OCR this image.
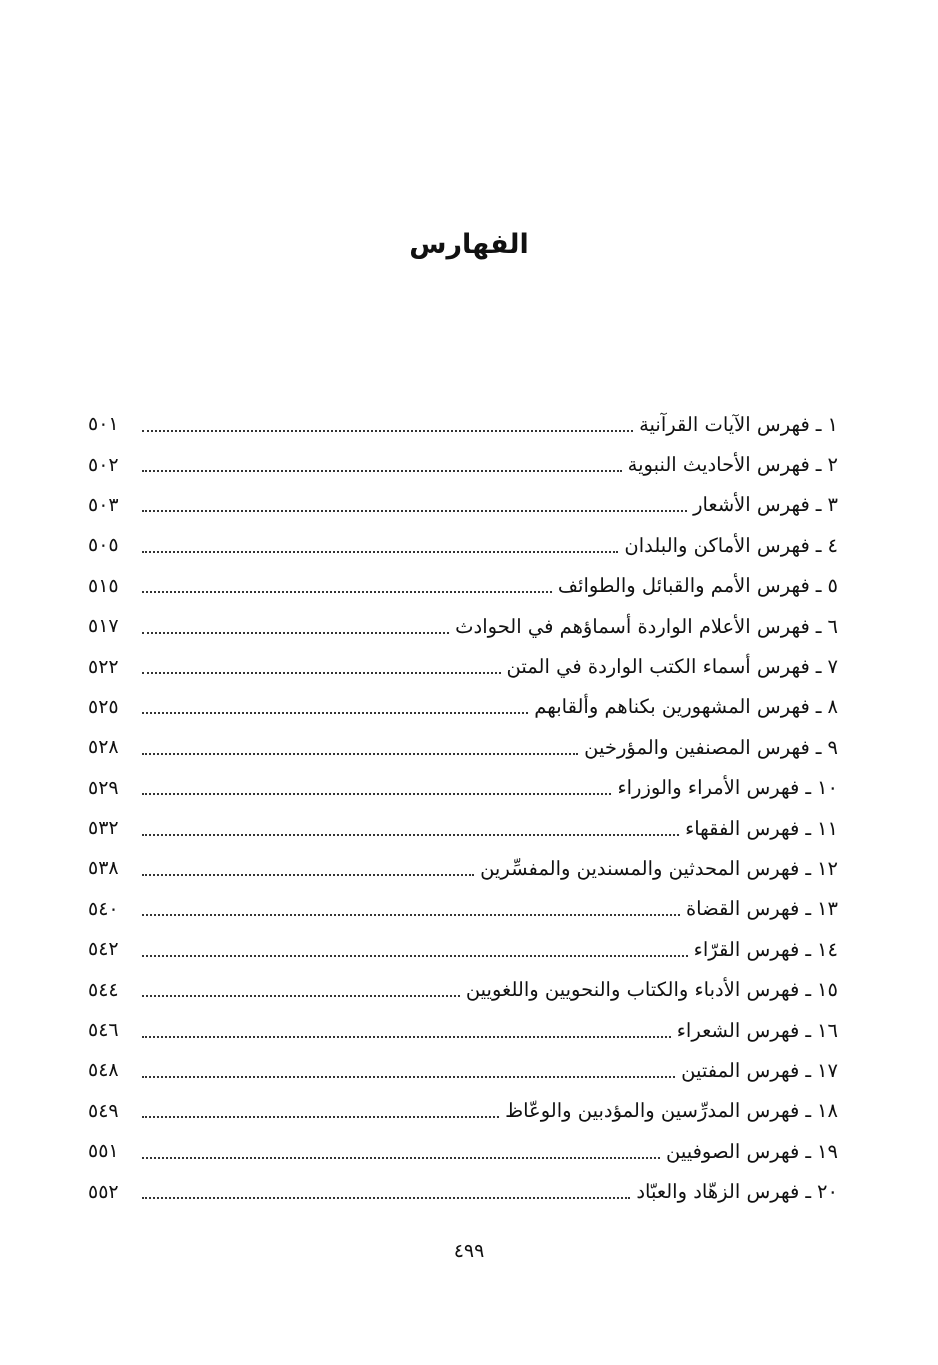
الفهارس
٥٠١	١ـفهرس الآيات القرآنية
٥٠٢	٢ـفهرس الأحاديث النبوية
٥٠٣	٣ـفهرس الأشعار
٥٠٥	٤ـفهرس الأماكن والبلدان
٥١٥	٥ـفهرس الأمم والقبائل والطوائف
٥١٧	٦ـفهرس الأعلام الواردة أسماؤهم في الحوادث
٥٢٢	٧ـفهرس أسماء الكتب الواردة في المتن
٥٢٥	٨ـفهرس المشهورين بكناهم وألقابهم
٥٢٨	٩ـفهرس المصنفين والمؤرخين
٥٢٩	١٠ـفهرس الأمراء والوزراء
٥٣٢	١١ـفهرس الفقهاء
٥٣٨	١٢ـفهرس المحدثين والمسندين والمفسِّرين
٥٤٠	١٣ـفهرس القضاة
٥٤٢	١٤ـفهرس القرّاء
٥٤٤	١٥ـفهرس الأدباء والكتاب والنحويين واللغويين
٥٤٦	١٦ـفهرس الشعراء
٥٤٨	١٧ـفهرس المفتين
٥٤٩	١٨ـفهرس المدرِّسين والمؤدبين والوعّاظ
٥٥١	١٩ـفهرس الصوفيين
٥٥٢	٢٠ـفهرس الزهّاد والعبّاد
٤٩٩
